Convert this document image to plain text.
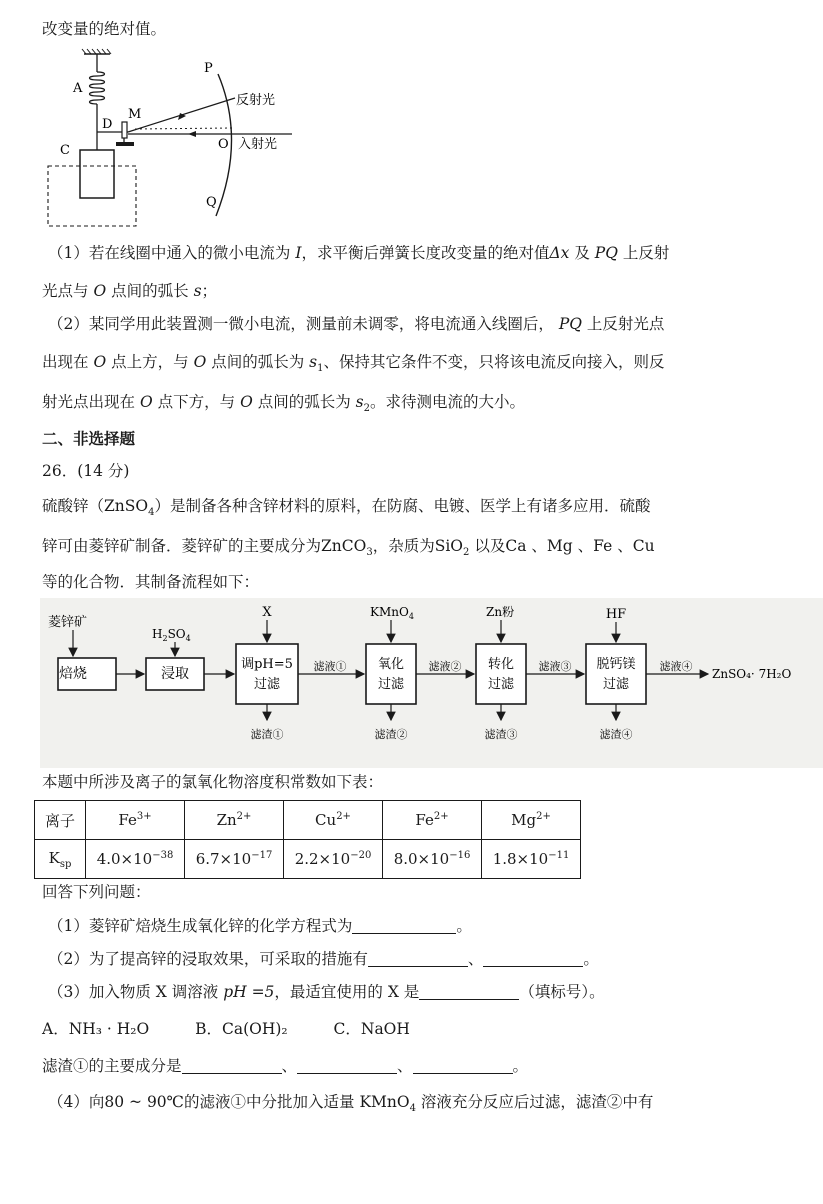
改变量的绝对值。
A
C
D
M
P
O
Q
反射光
入射光
（1）若在线圈中通入的微小电流为 I，求平衡后弹簧长度改变量的绝对值Δx 及 PQ 上反射
光点与 O 点间的弧长 s；
（2）某同学用此装置测一微小电流，测量前未调零，将电流通入线圈后， PQ 上反射光点
出现在 O 点上方，与 O 点间的弧长为 $s_1$、保持其它条件不变，只将该电流反向接入，则反
射光点出现在 O 点下方，与 O 点间的弧长为 $s_2$。求待测电流的大小。
二、非选择题
26．(14 分)
硫酸锌（ZnSO$_4$）是制备各种含锌材料的原料，在防腐、电镀、医学上有诸多应用．硫酸
锌可由菱锌矿制备．菱锌矿的主要成分为ZnCO$_3$，杂质为SiO$_2$ 以及Ca 、Mg 、Fe 、Cu
等的化合物．其制备流程如下：
焙烧	浸取
调pH=5
过滤
氧化
过滤
转化
过滤
脱钙镁
过滤
菱锌矿
$H_2SO_4$
X	KMnO$_4$	Zn粉	HF
滤液①	滤液②	滤液③	滤液④
ZnSO₄· 7H₂O
滤渣①	滤渣②	滤渣③	滤渣④
本题中所涉及离子的氯氧化物溶度积常数如下表：
离子	$Fe^{3+}$	$Zn^{2+}$	$Cu^{2+}$	$Fe^{2+}$	$Mg^{2+}$
$K_{sp}$	$4.0\times 10^{-38}$	$6.7\times 10^{-17}$	$2.2\times 10^{-20}$	$8.0\times 10^{-16}$	$1.8\times 10^{-11}$
回答下列问题：
（1）菱锌矿焙烧生成氧化锌的化学方程式为	。
（2）为了提高锌的浸取效果，可采取的措施有	、	。
（3）加入物质 X 调溶液 pH =5，最适宜使用的 X 是	（填标号）。
A．NH₃ · H₂O	B．Ca(OH)₂	C．NaOH
滤渣①的主要成分是	、	、	。
（4）向80 ~ 90℃的滤液①中分批加入适量 KMnO$_4$ 溶液充分反应后过滤，滤渣②中有
